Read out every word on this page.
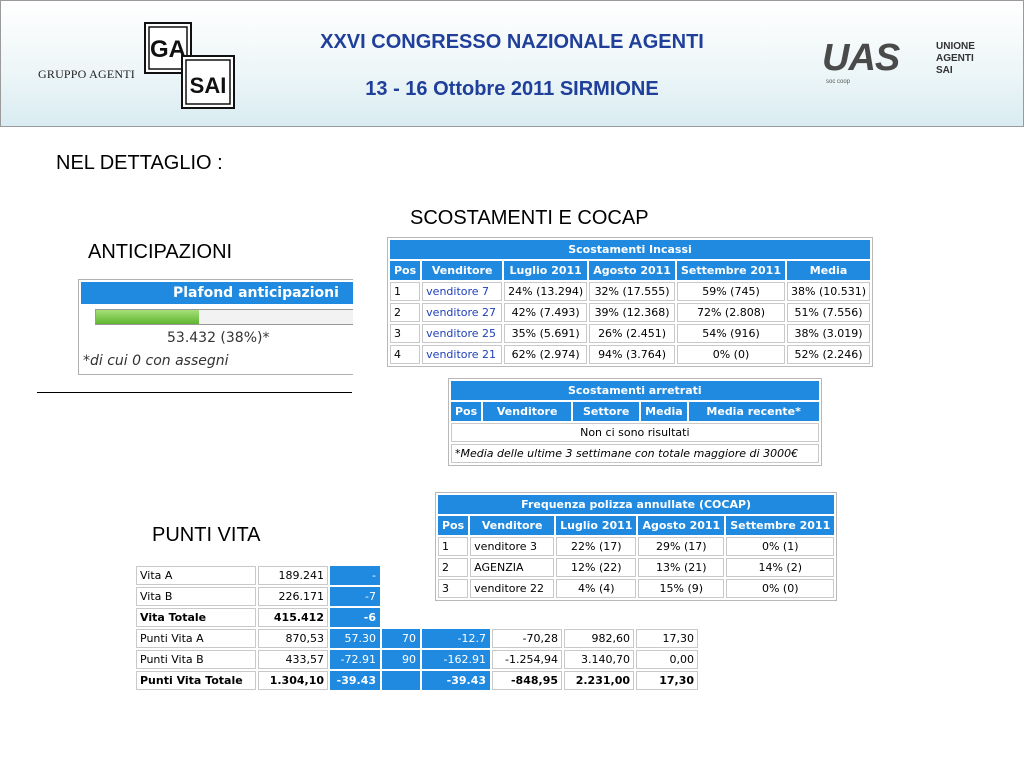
GRUPPO AGENTI
GA
SAI
XXVI CONGRESSO NAZIONALE AGENTI
13 - 16 Ottobre 2011 SIRMIONE
UAS	UNIONE
AGENTI
SAI
soc coop
NEL DETTAGLIO :
SCOSTAMENTI E COCAP
ANTICIPAZIONI
PUNTI VITA
Plafond anticipazioni
53.432 (38%)*
*di cui 0 con assegni
Scostamenti Incassi					
Pos	Venditore	Luglio 2011	Agosto 2011	Settembre 2011	Media
1	venditore 7	24% (13.294)	32% (17.555)	59% (745)	38% (10.531)
2	venditore 27	42% (7.493)	39% (12.368)	72% (2.808)	51% (7.556)
3	venditore 25	35% (5.691)	26% (2.451)	54% (916)	38% (3.019)
4	venditore 21	62% (2.974)	94% (3.764)	0% (0)	52% (2.246)
Scostamenti arretrati
Pos	Venditore	Settore	Media	Media recente*
Non ci sono risultati
*Media delle ultime 3 settimane con totale maggiore di 3000€
Frequenza polizza annullate (COCAP)				
Pos	Venditore	Luglio 2011	Agosto 2011	Settembre 2011
1	venditore 3	22% (17)	29% (17)	0% (1)
2	AGENZIA	12% (22)	13% (21)	14% (2)
3	venditore 22	4% (4)	15% (9)	0% (0)
Vita A	189.241	-					
Vita B	226.171	-7					
Vita Totale	415.412	-6					
Punti Vita A	870,53	57.30	70	-12.7	-70,28	982,60	17,30
Punti Vita B	433,57	-72.91	90	-162.91	-1.254,94	3.140,70	0,00
Punti Vita Totale	1.304,10	-39.43		-39.43	-848,95	2.231,00	17,30
